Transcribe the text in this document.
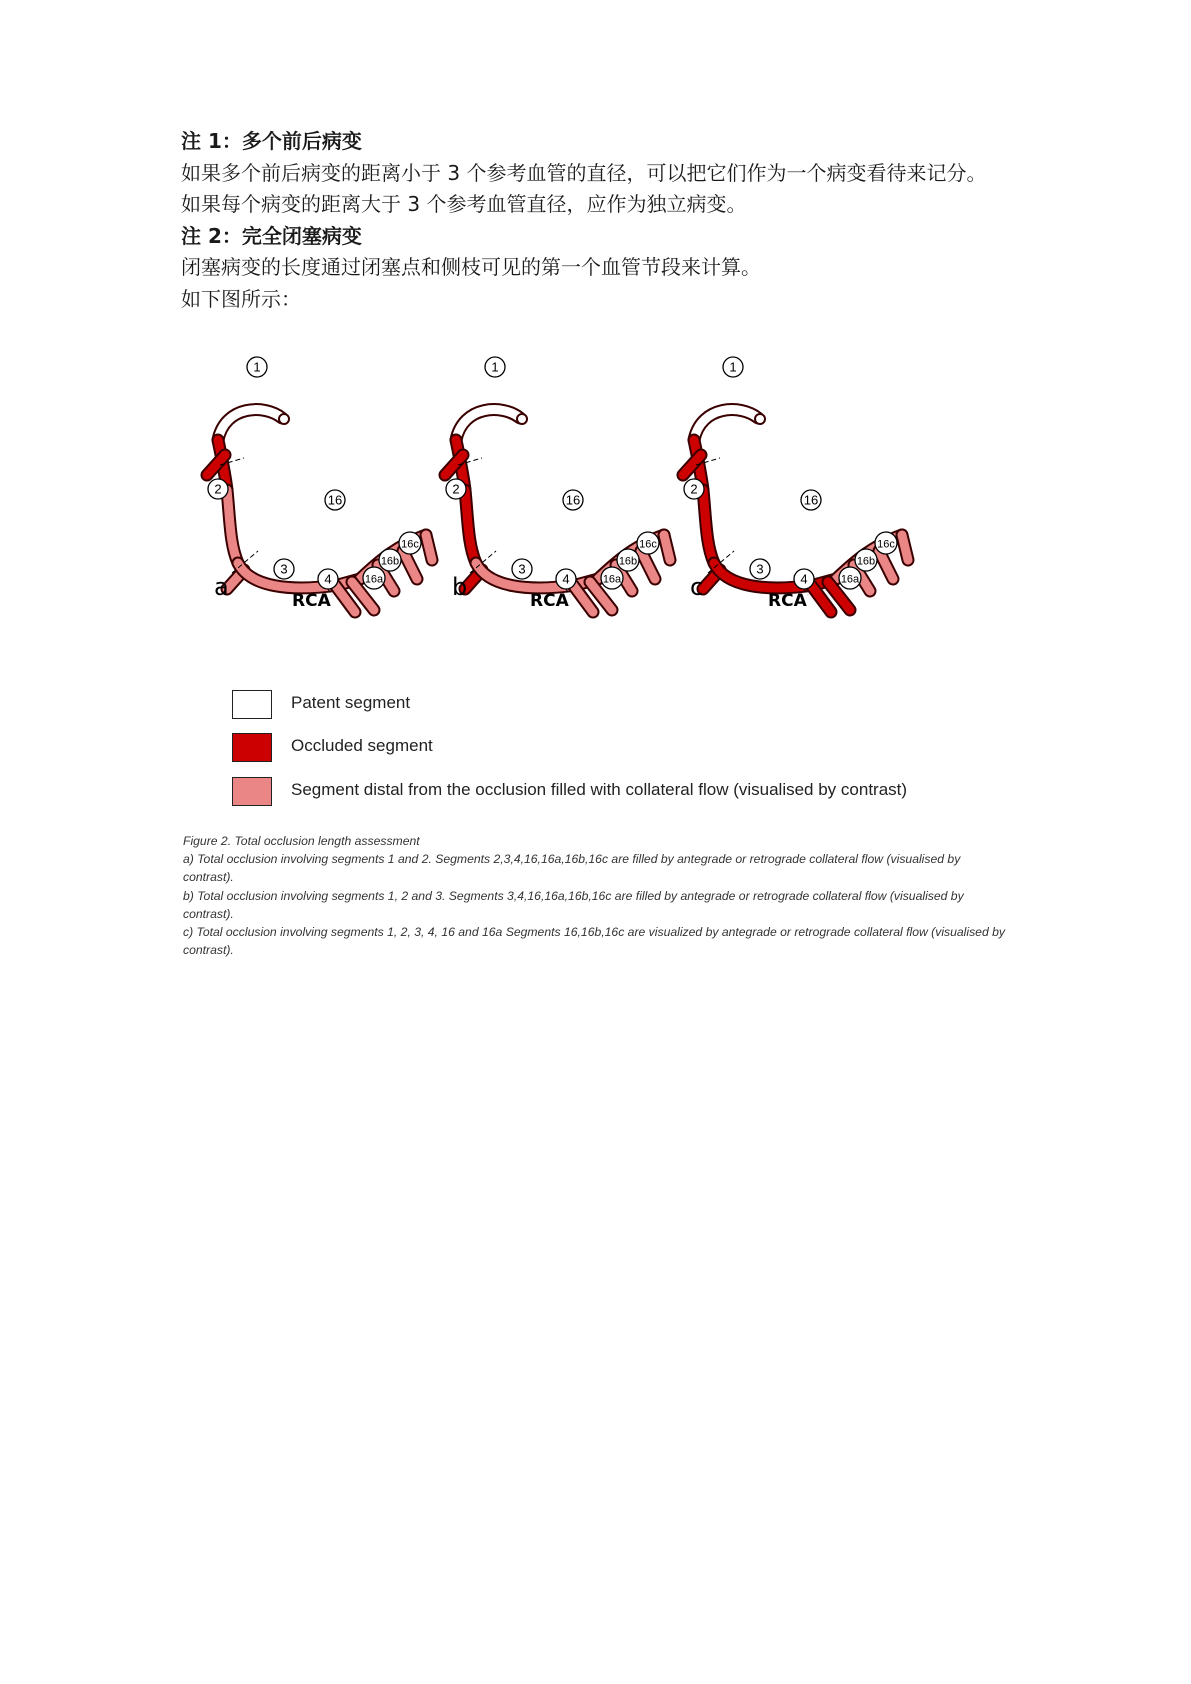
注 1：多个前后病变
如果多个前后病变的距离小于 3 个参考血管的直径，可以把它们作为一个病变看待来记分。
如果每个病变的距离大于 3 个参考血管直径，应作为独立病变。
注 2：完全闭塞病变
闭塞病变的长度通过闭塞点和侧枝可见的第一个血管节段来计算。
如下图所示：
1
2
16
3
4	16a
16b
16c
a	RCA
1
2
16
3
4	16a
16b
16c
b	RCA
1
2
16
3
4	16a
16b
16c
c	RCA
Patent segment
Occluded segment
Segment distal from the occlusion filled with collateral flow (visualised by contrast)

Figure 2. Total occlusion length assessment

a) Total occlusion involving segments 1 and 2. Segments 2,3,4,16,16a,16b,16c are filled by antegrade or retrograde collateral flow (visualised by contrast).

b) Total occlusion involving segments 1, 2 and 3. Segments 3,4,16,16a,16b,16c are filled by antegrade or retrograde collateral flow (visualised by contrast).

c) Total occlusion involving segments 1, 2, 3, 4, 16 and 16a Segments 16,16b,16c are visualized by antegrade or retrograde collateral flow (visualised by contrast).
